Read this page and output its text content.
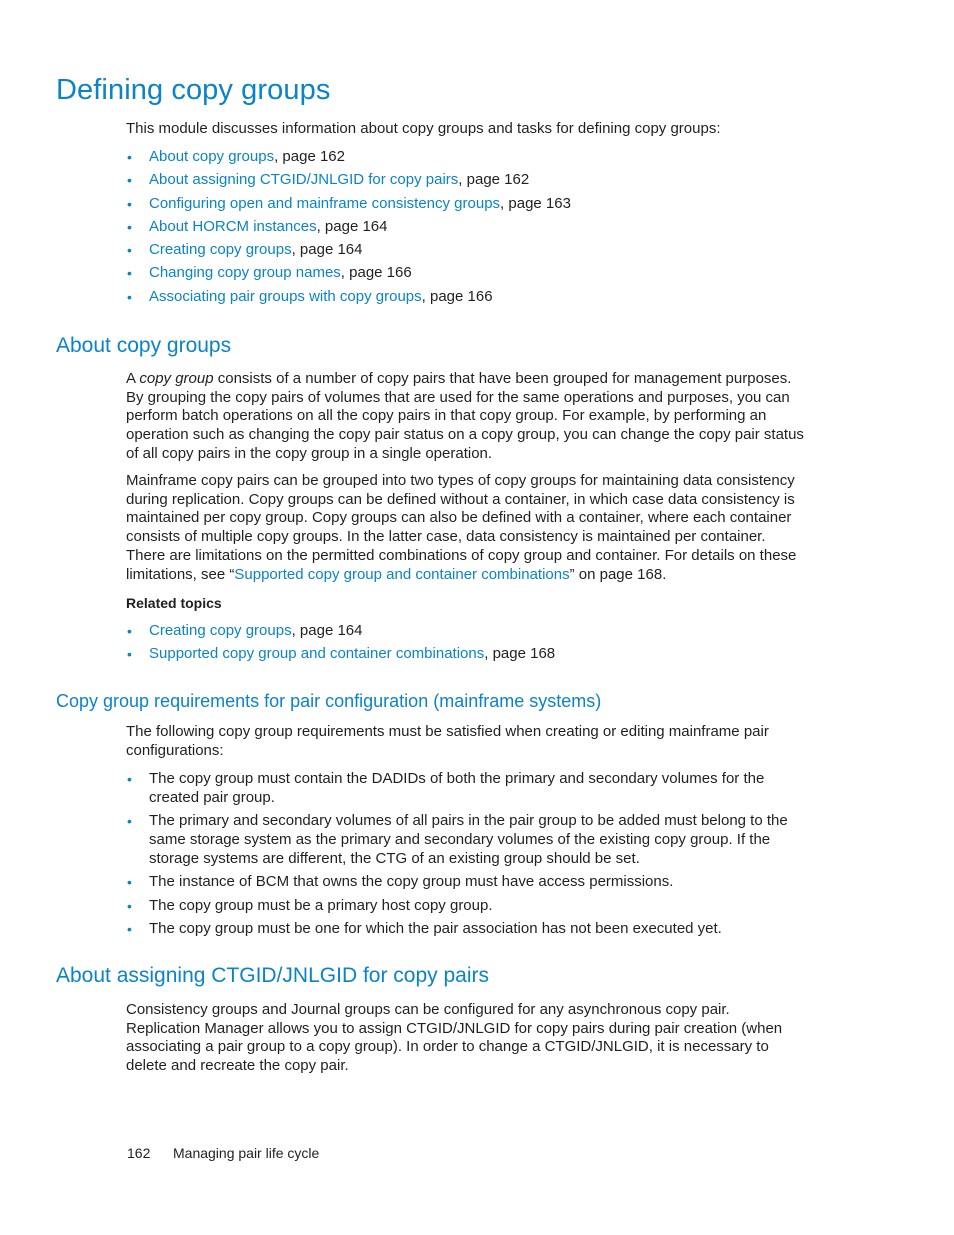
Defining copy groups

This module discusses information about copy groups and tasks for defining copy groups:

• About copy groups, page 162
• About assigning CTGID/JNLGID for copy pairs, page 162
• Configuring open and mainframe consistency groups, page 163
• About HORCM instances, page 164
• Creating copy groups, page 164
• Changing copy group names, page 166
• Associating pair groups with copy groups, page 166
About copy groups

A copy group consists of a number of copy pairs that have been grouped for management purposes. By grouping the copy pairs of volumes that are used for the same operations and purposes, you can perform batch operations on all the copy pairs in that copy group. For example, by performing an operation such as changing the copy pair status on a copy group, you can change the copy pair status of all copy pairs in the copy group in a single operation.

Mainframe copy pairs can be grouped into two types of copy groups for maintaining data consistency during replication. Copy groups can be defined without a container, in which case data consistency is maintained per copy group. Copy groups can also be defined with a container, where each container consists of multiple copy groups. In the latter case, data consistency is maintained per container. There are limitations on the permitted combinations of copy group and container. For details on these limitations, see “Supported copy group and container combinations” on page 168.

Related topics

• Creating copy groups, page 164
• Supported copy group and container combinations, page 168
Copy group requirements for pair configuration (mainframe systems)

The following copy group requirements must be satisfied when creating or editing mainframe pair configurations:

• The copy group must contain the DADIDs of both the primary and secondary volumes for the created pair group.
• The primary and secondary volumes of all pairs in the pair group to be added must belong to the same storage system as the primary and secondary volumes of the existing copy group. If the storage systems are different, the CTG of an existing group should be set.
• The instance of BCM that owns the copy group must have access permissions.
• The copy group must be a primary host copy group.
• The copy group must be one for which the pair association has not been executed yet.
About assigning CTGID/JNLGID for copy pairs

Consistency groups and Journal groups can be configured for any asynchronous copy pair. Replication Manager allows you to assign CTGID/JNLGID for copy pairs during pair creation (when associating a pair group to a copy group). In order to change a CTGID/JNLGID, it is necessary to delete and recreate the copy pair.

162 Managing pair life cycle
